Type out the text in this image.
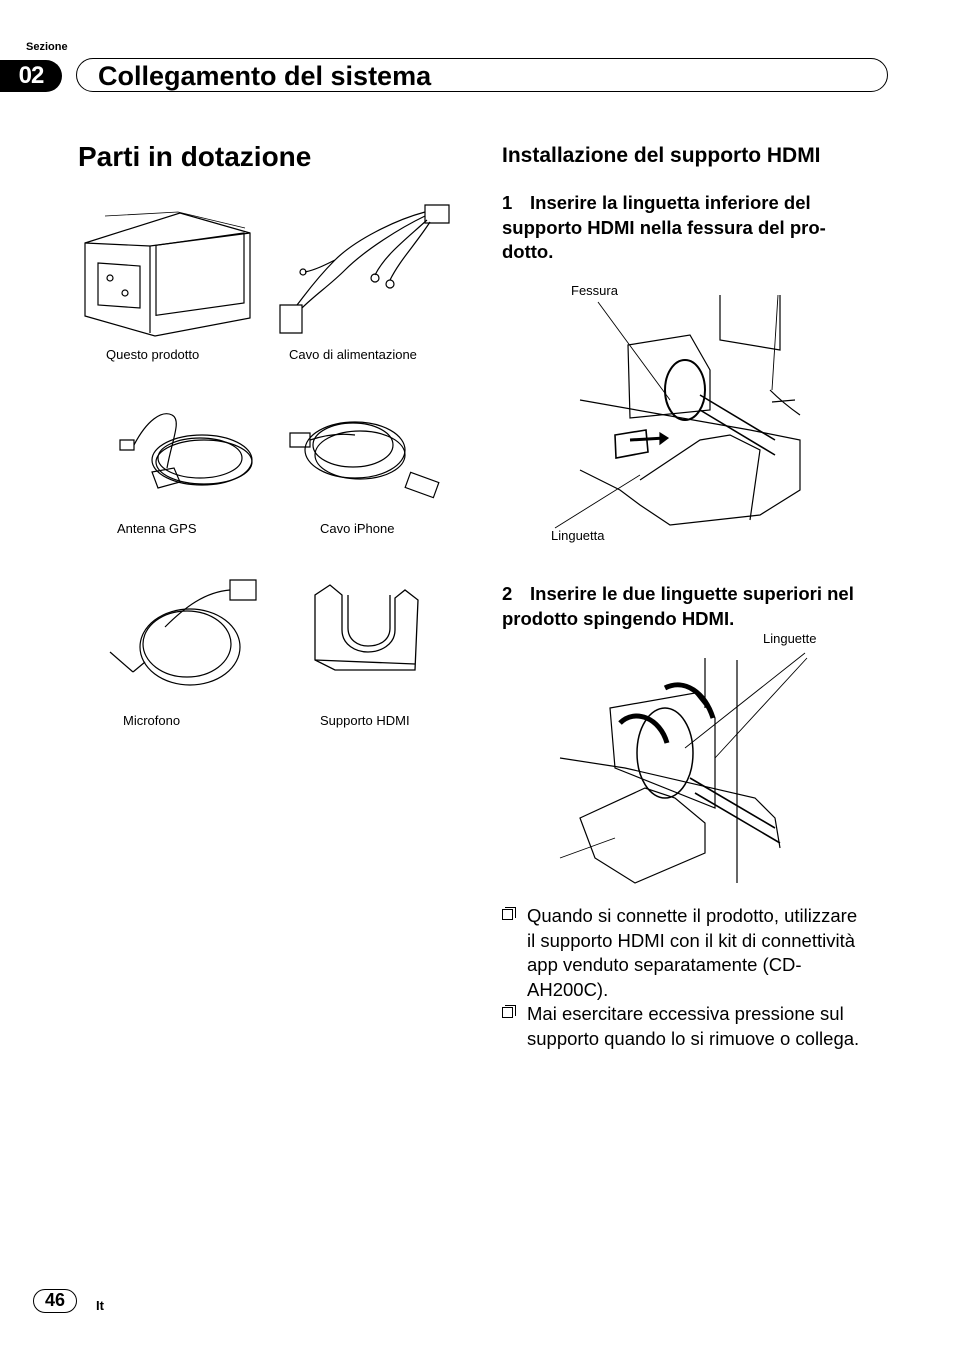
Sezione
02	Collegamento del sistema
Parti in dotazione
Questo prodotto	Cavo di alimentazione
Antenna GPS	Cavo iPhone
Microfono	Supporto HDMI
Installazione del supporto HDMI
1 Inserire la linguetta inferiore del
supporto HDMI nella fessura del pro-
dotto.
Fessura
Linguetta
2 Inserire le due linguette superiori nel
prodotto spingendo HDMI.
Linguette
Quando si connette il prodotto, utilizzare il supporto HDMI con il kit di connettività app venduto separatamente (CD-AH200C).
Mai esercitare eccessiva pressione sul supporto quando lo si rimuove o collega.
46	It
